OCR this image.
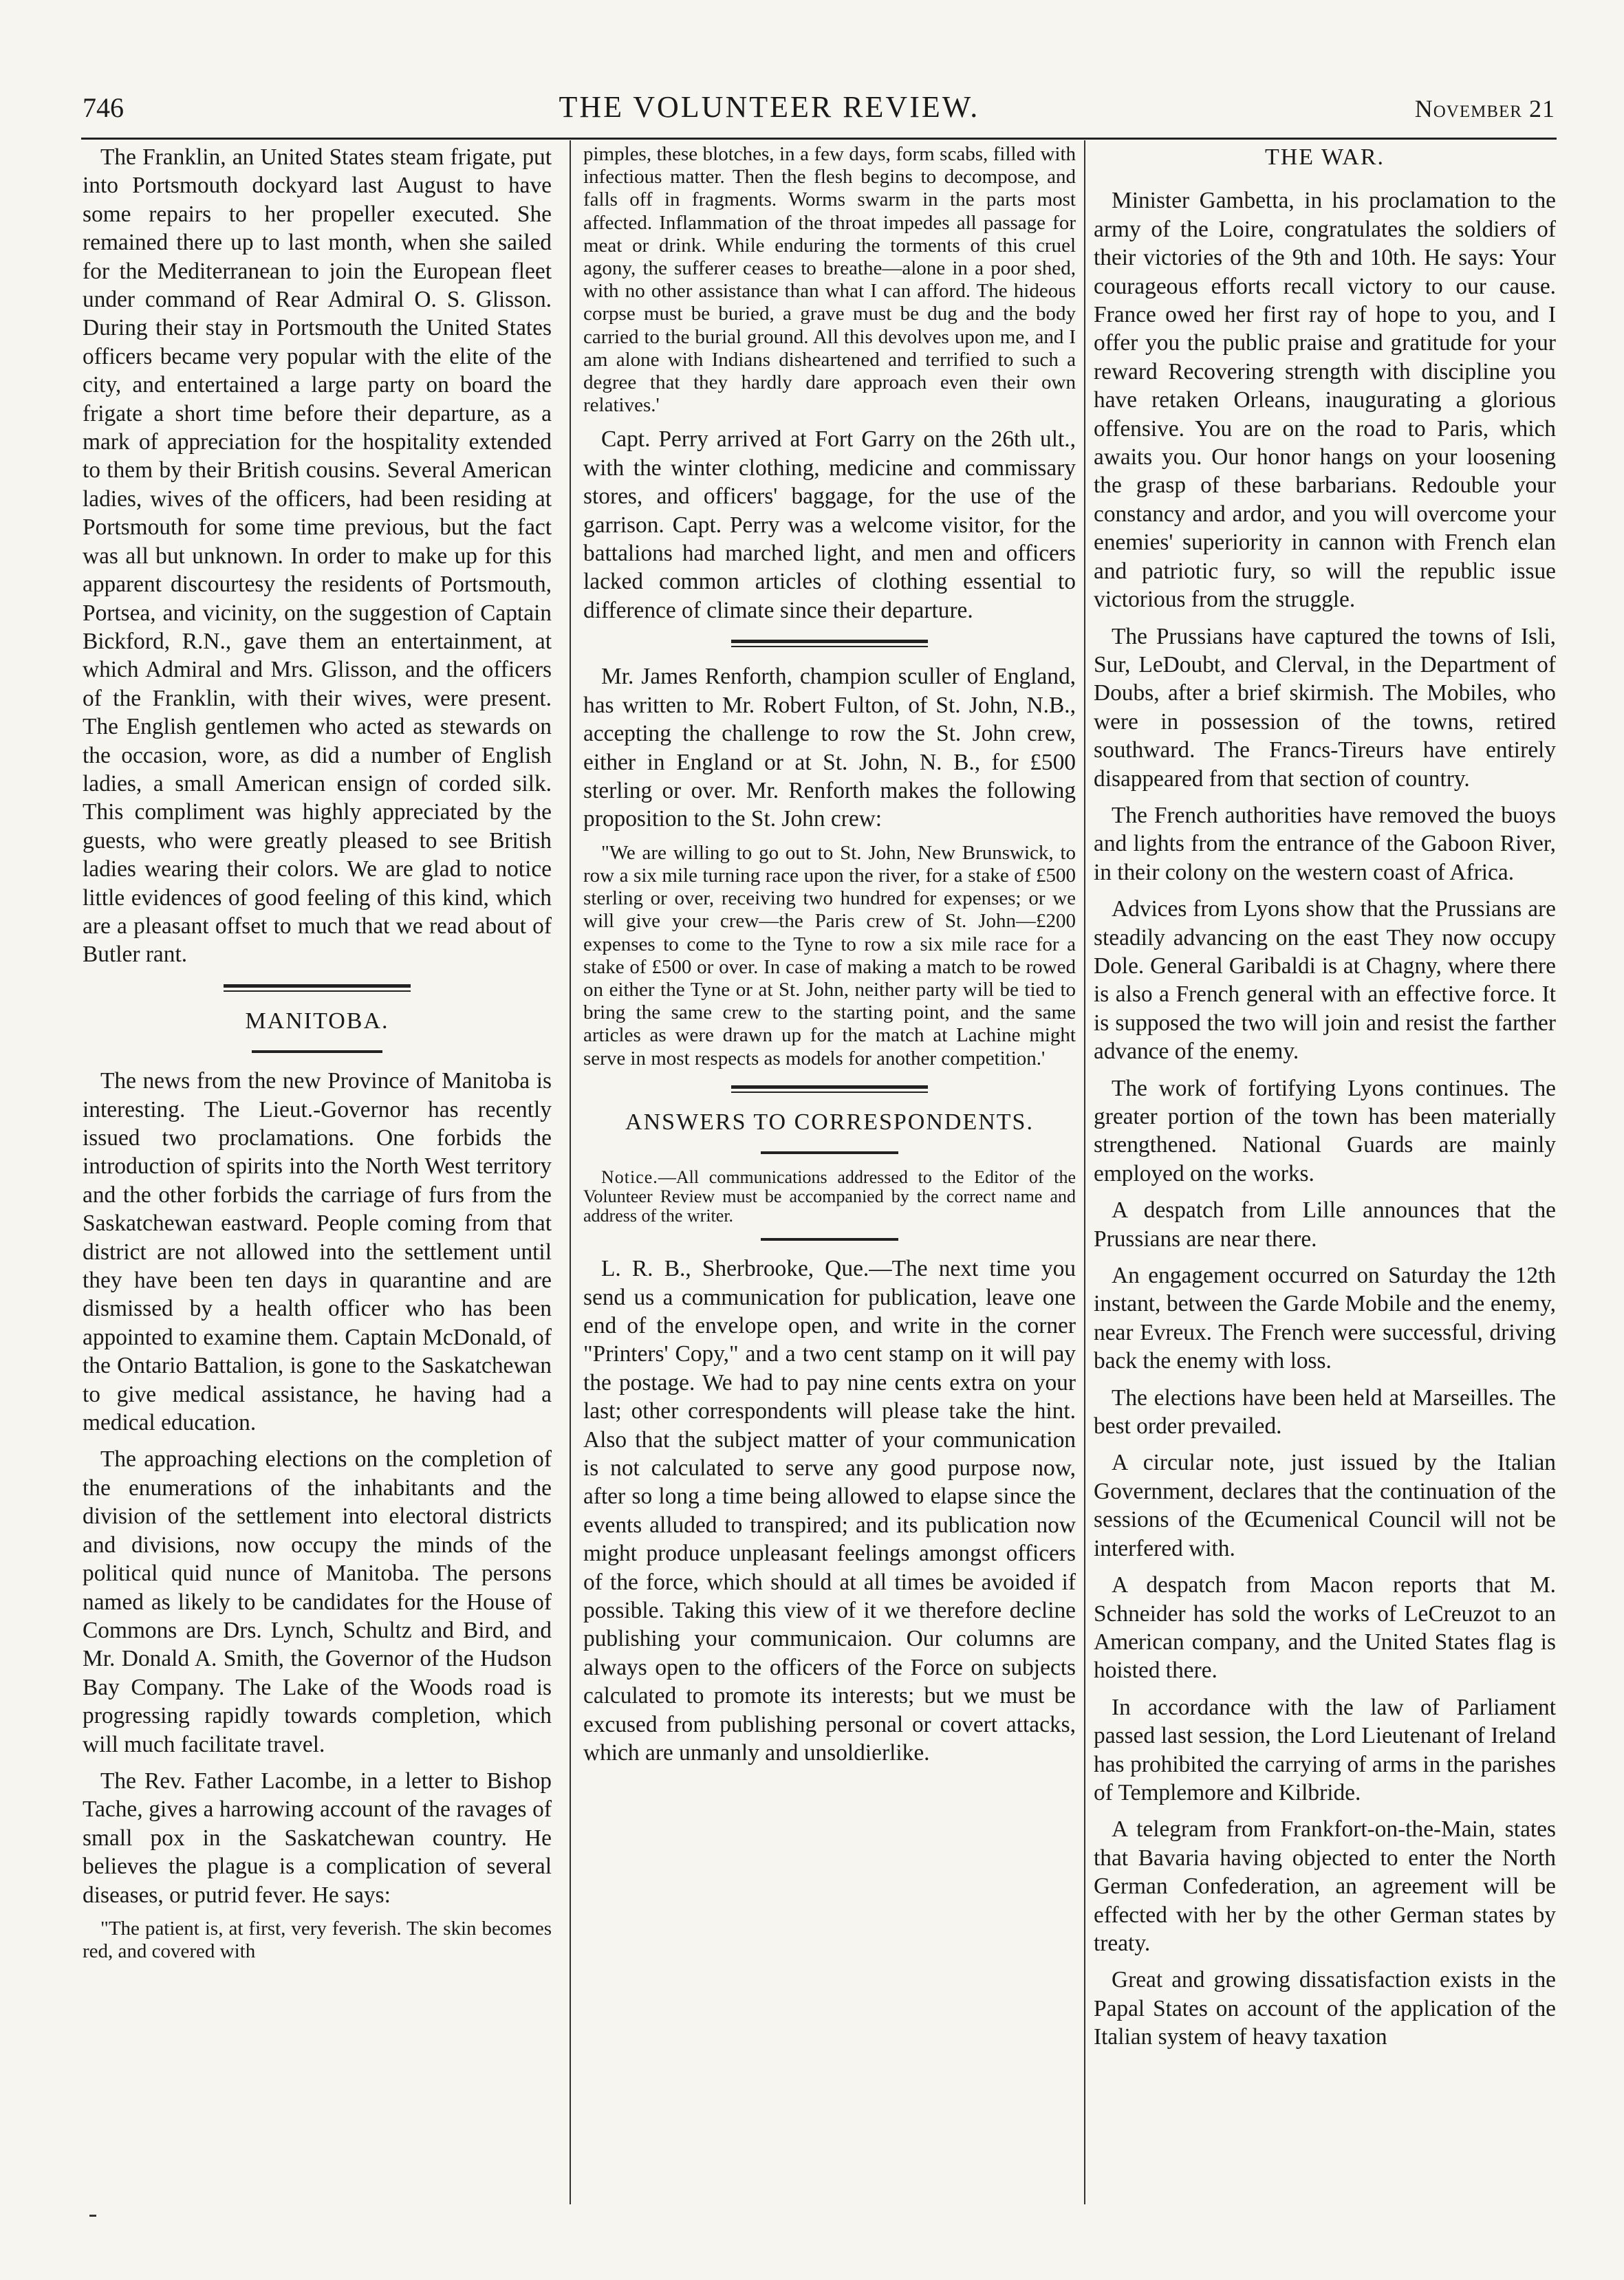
746	THE VOLUNTEER REVIEW.	November 21

The Franklin, an United States steam frigate, put into Portsmouth dockyard last August to have some repairs to her propeller executed. She remained there up to last month, when she sailed for the Mediterranean to join the European fleet under command of Rear Admiral O. S. Glisson. During their stay in Portsmouth the United States officers became very popular with the elite of the city, and entertained a large party on board the frigate a short time before their departure, as a mark of appreciation for the hospitality extended to them by their British cousins. Several American ladies, wives of the officers, had been residing at Portsmouth for some time previous, but the fact was all but unknown. In order to make up for this apparent discourtesy the residents of Portsmouth, Portsea, and vicinity, on the suggestion of Captain Bickford, R.N., gave them an entertainment, at which Admiral and Mrs. Glisson, and the officers of the Franklin, with their wives, were present. The English gentlemen who acted as stewards on the occasion, wore, as did a number of English ladies, a small American ensign of corded silk. This compliment was highly appreciated by the guests, who were greatly pleased to see British ladies wearing their colors. We are glad to notice little evidences of good feeling of this kind, which are a pleasant offset to much that we read about of Butler rant.

MANITOBA.

The news from the new Province of Manitoba is interesting. The Lieut.-Governor has recently issued two proclamations. One forbids the introduction of spirits into the North West territory and the other forbids the carriage of furs from the Saskatchewan eastward. People coming from that district are not allowed into the settlement until they have been ten days in quarantine and are dismissed by a health officer who has been appointed to examine them. Captain McDonald, of the Ontario Battalion, is gone to the Saskatchewan to give medical assistance, he having had a medical education.

The approaching elections on the completion of the enumerations of the inhabitants and the division of the settlement into electoral districts and divisions, now occupy the minds of the political quid nunce of Manitoba. The persons named as likely to be candidates for the House of Commons are Drs. Lynch, Schultz and Bird, and Mr. Donald A. Smith, the Governor of the Hudson Bay Company. The Lake of the Woods road is progressing rapidly towards completion, which will much facilitate travel.

The Rev. Father Lacombe, in a letter to Bishop Tache, gives a harrowing account of the ravages of small pox in the Saskatchewan country. He believes the plague is a complication of several diseases, or putrid fever. He says:

"The patient is, at first, very feverish. The skin becomes red, and covered with

pimples, these blotches, in a few days, form scabs, filled with infectious matter. Then the flesh begins to decompose, and falls off in fragments. Worms swarm in the parts most affected. Inflammation of the throat impedes all passage for meat or drink. While enduring the torments of this cruel agony, the sufferer ceases to breathe—alone in a poor shed, with no other assistance than what I can afford. The hideous corpse must be buried, a grave must be dug and the body carried to the burial ground. All this devolves upon me, and I am alone with Indians disheartened and terrified to such a degree that they hardly dare approach even their own relatives.'

Capt. Perry arrived at Fort Garry on the 26th ult., with the winter clothing, medicine and commissary stores, and officers' baggage, for the use of the garrison. Capt. Perry was a welcome visitor, for the battalions had marched light, and men and officers lacked common articles of clothing essential to difference of climate since their departure.

Mr. James Renforth, champion sculler of England, has written to Mr. Robert Fulton, of St. John, N.B., accepting the challenge to row the St. John crew, either in England or at St. John, N. B., for £500 sterling or over. Mr. Renforth makes the following proposition to the St. John crew:

"We are willing to go out to St. John, New Brunswick, to row a six mile turning race upon the river, for a stake of £500 sterling or over, receiving two hundred for expenses; or we will give your crew—the Paris crew of St. John—£200 expenses to come to the Tyne to row a six mile race for a stake of £500 or over. In case of making a match to be rowed on either the Tyne or at St. John, neither party will be tied to bring the same crew to the starting point, and the same articles as were drawn up for the match at Lachine might serve in most respects as models for another competition.'

ANSWERS TO CORRESPONDENTS.

Notice.—All communications addressed to the Editor of the Volunteer Review must be accompanied by the correct name and address of the writer.

L. R. B., Sherbrooke, Que.—The next time you send us a communication for publication, leave one end of the envelope open, and write in the corner "Printers' Copy," and a two cent stamp on it will pay the postage. We had to pay nine cents extra on your last; other correspondents will please take the hint. Also that the subject matter of your communication is not calculated to serve any good purpose now, after so long a time being allowed to elapse since the events alluded to transpired; and its publication now might produce unpleasant feelings amongst officers of the force, which should at all times be avoided if possible. Taking this view of it we therefore decline publishing your communicaion. Our columns are always open to the officers of the Force on subjects calculated to promote its interests; but we must be excused from publishing personal or covert attacks, which are unmanly and unsoldierlike.

THE WAR.

Minister Gambetta, in his proclamation to the army of the Loire, congratulates the soldiers of their victories of the 9th and 10th. He says: Your courageous efforts recall victory to our cause. France owed her first ray of hope to you, and I offer you the public praise and gratitude for your reward Recovering strength with discipline you have retaken Orleans, inaugurating a glorious offensive. You are on the road to Paris, which awaits you. Our honor hangs on your loosening the grasp of these barbarians. Redouble your constancy and ardor, and you will overcome your enemies' superiority in cannon with French elan and patriotic fury, so will the republic issue victorious from the struggle.

The Prussians have captured the towns of Isli, Sur, LeDoubt, and Clerval, in the Department of Doubs, after a brief skirmish. The Mobiles, who were in possession of the towns, retired southward. The Francs-Tireurs have entirely disappeared from that section of country.

The French authorities have removed the buoys and lights from the entrance of the Gaboon River, in their colony on the western coast of Africa.

Advices from Lyons show that the Prussians are steadily advancing on the east They now occupy Dole. General Garibaldi is at Chagny, where there is also a French general with an effective force. It is supposed the two will join and resist the farther advance of the enemy.

The work of fortifying Lyons continues. The greater portion of the town has been materially strengthened. National Guards are mainly employed on the works.

A despatch from Lille announces that the Prussians are near there.

An engagement occurred on Saturday the 12th instant, between the Garde Mobile and the enemy, near Evreux. The French were successful, driving back the enemy with loss.

The elections have been held at Marseilles. The best order prevailed.

A circular note, just issued by the Italian Government, declares that the continuation of the sessions of the Œcumenical Council will not be interfered with.

A despatch from Macon reports that M. Schneider has sold the works of LeCreuzot to an American company, and the United States flag is hoisted there.

In accordance with the law of Parliament passed last session, the Lord Lieutenant of Ireland has prohibited the carrying of arms in the parishes of Templemore and Kilbride.

A telegram from Frankfort-on-the-Main, states that Bavaria having objected to enter the North German Confederation, an agreement will be effected with her by the other German states by treaty.

Great and growing dissatisfaction exists in the Papal States on account of the application of the Italian system of heavy taxation
